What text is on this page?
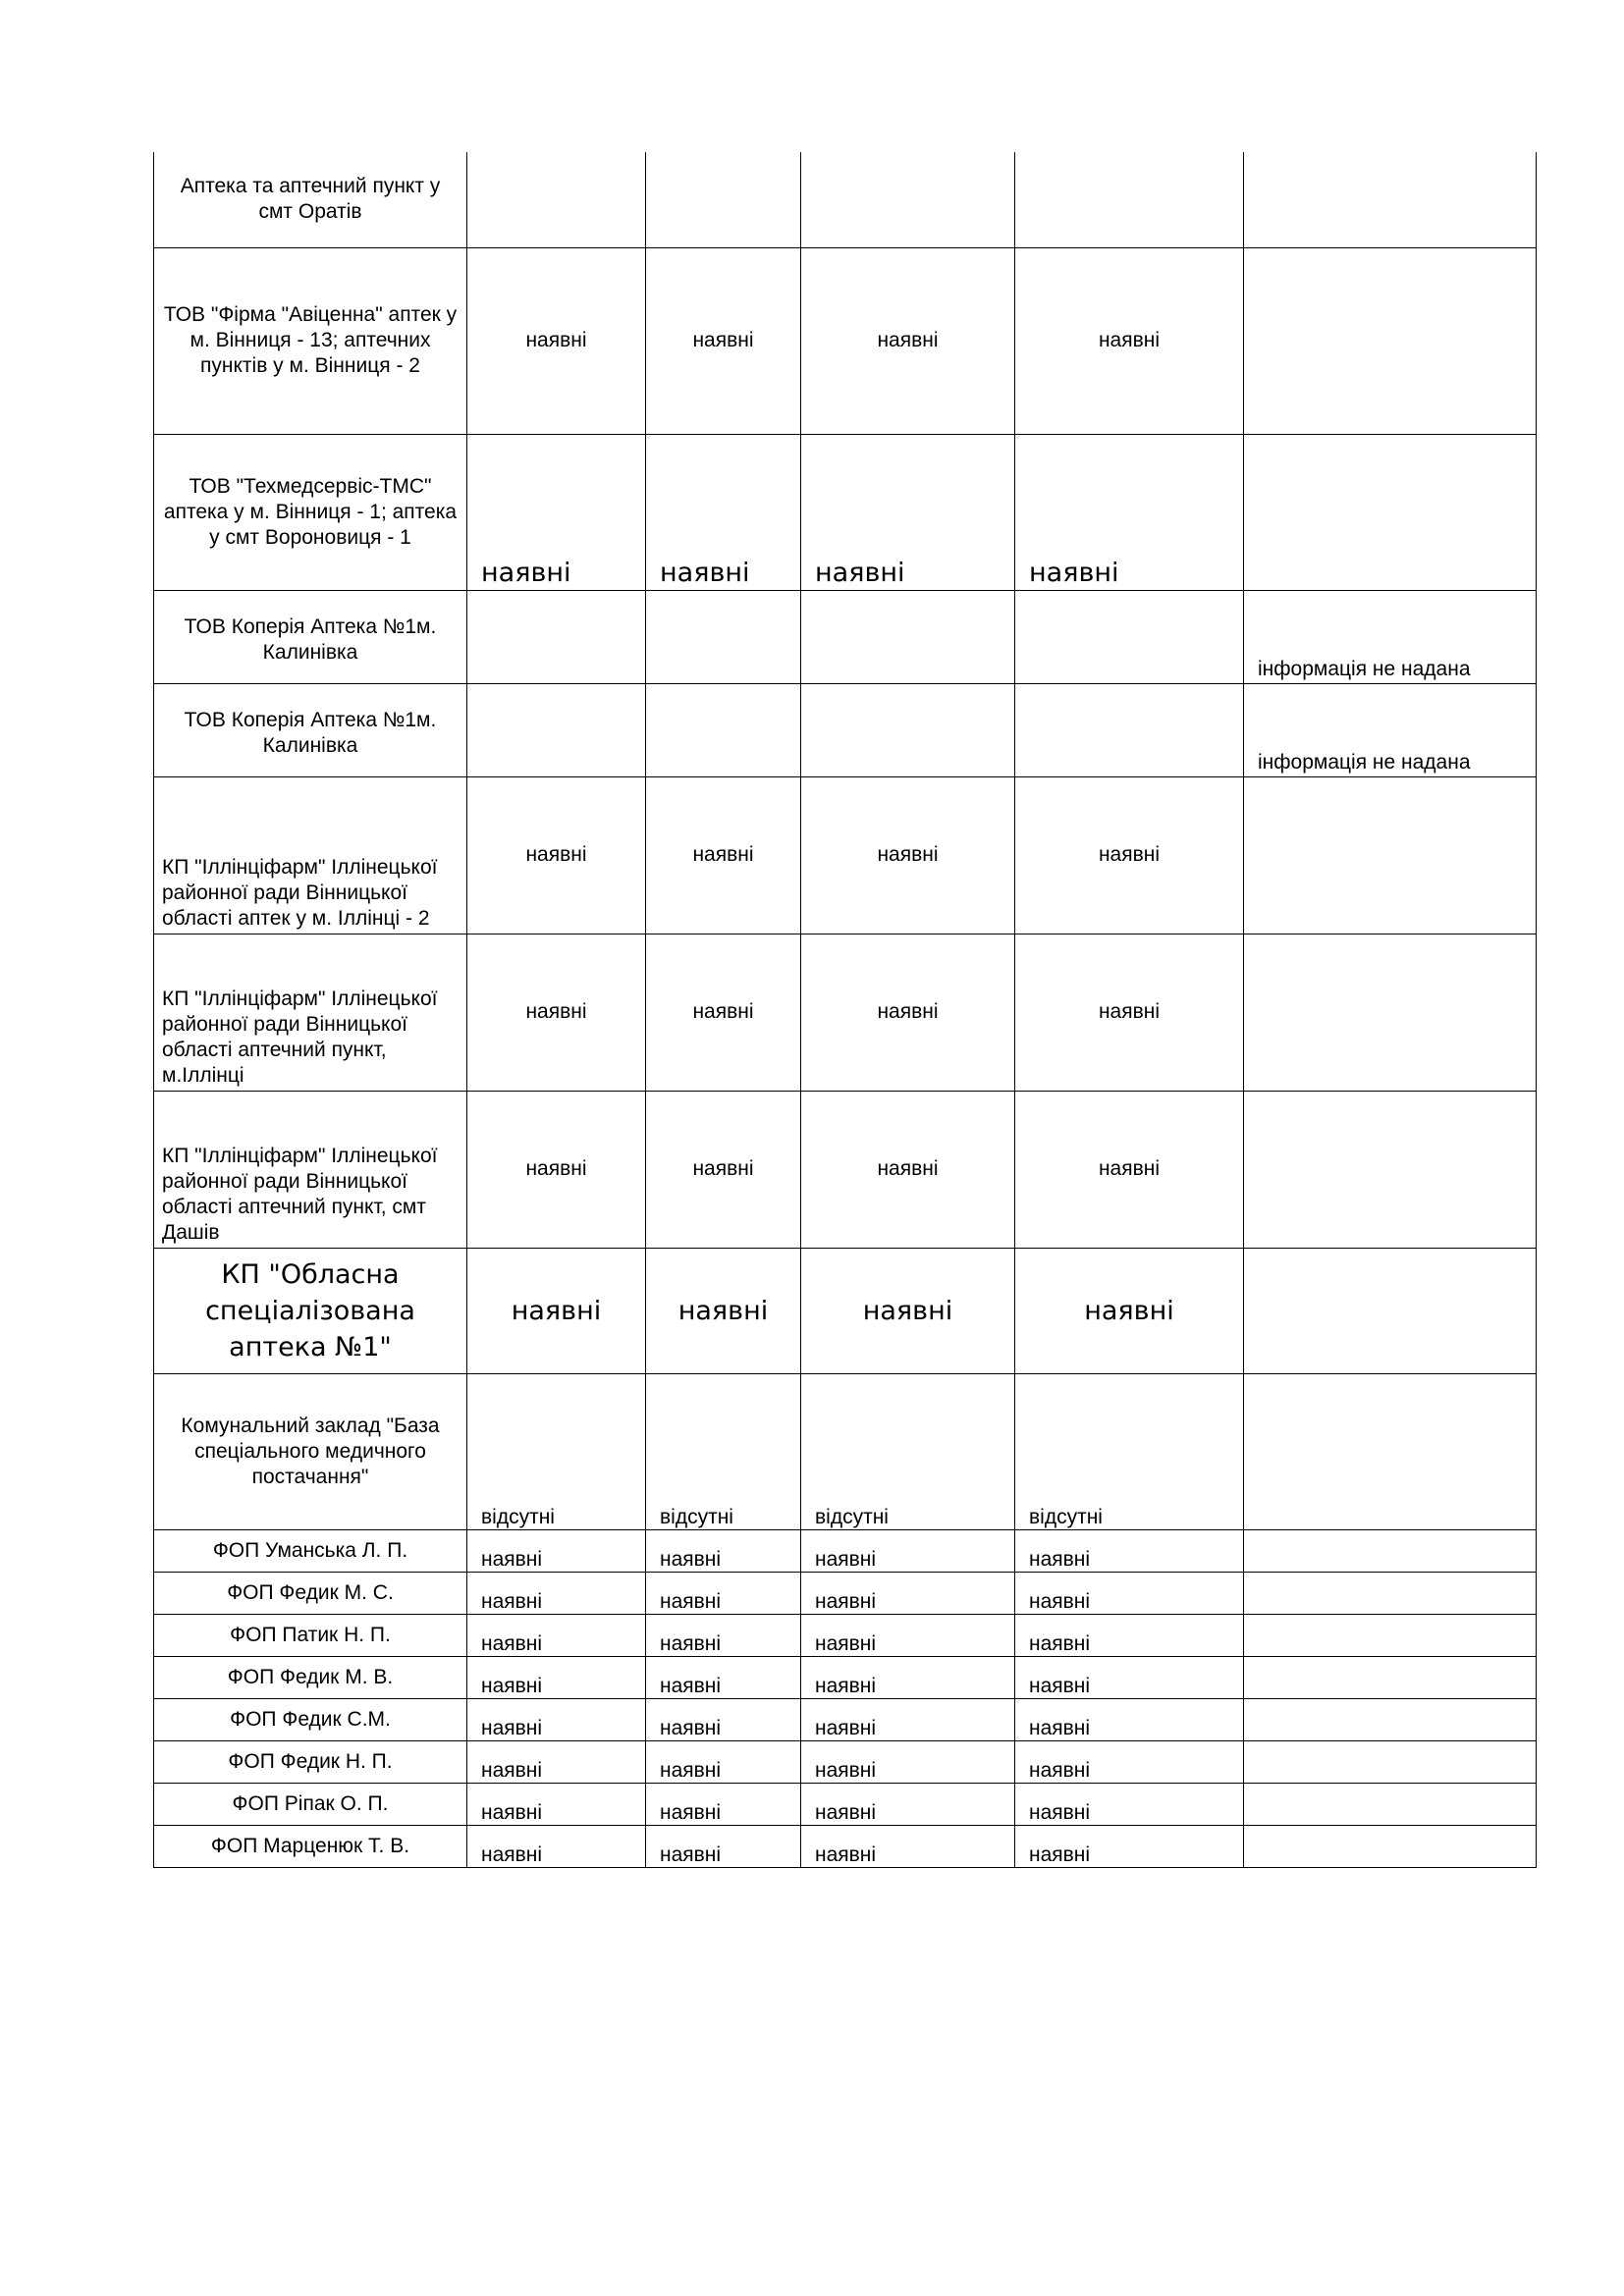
Аптека та аптечний пункт у смт Оратів					
ТОВ "Фірма "Авіценна" аптек у м. Вінниця - 13; аптечних пунктів у м. Вінниця - 2	наявні	наявні	наявні	наявні	
ТОВ "Техмедсервіс-ТМС" аптека у м. Вінниця - 1; аптека у смт Вороновиця - 1	наявні	наявні	наявні	наявні	
ТОВ Коперія Аптека №1м. Калинівка					інформація не надана
ТОВ Коперія Аптека №1м. Калинівка					інформація не надана
КП "Іллінціфарм" Іллінецької районної ради Вінницької області аптек у м. Іллінці - 2	наявні	наявні	наявні	наявні	
КП "Іллінціфарм" Іллінецької районної ради Вінницької області аптечний пункт, м.Іллінці	наявні	наявні	наявні	наявні	
КП "Іллінціфарм" Іллінецької районної ради Вінницької області аптечний пункт, смт Дашів	наявні	наявні	наявні	наявні	
КП "Обласна спеціалізована аптека №1"	наявні	наявні	наявні	наявні	
Комунальний заклад "База спеціального медичного постачання"	відсутні	відсутні	відсутні	відсутні	
ФОП Уманська Л. П.	наявні	наявні	наявні	наявні	
ФОП Федик М. С.	наявні	наявні	наявні	наявні	
ФОП Патик Н. П.	наявні	наявні	наявні	наявні	
ФОП Федик М. В.	наявні	наявні	наявні	наявні	
ФОП Федик С.М.	наявні	наявні	наявні	наявні	
ФОП Федик Н. П.	наявні	наявні	наявні	наявні	
ФОП Ріпак О. П.	наявні	наявні	наявні	наявні	
ФОП Марценюк Т. В.	наявні	наявні	наявні	наявні	
